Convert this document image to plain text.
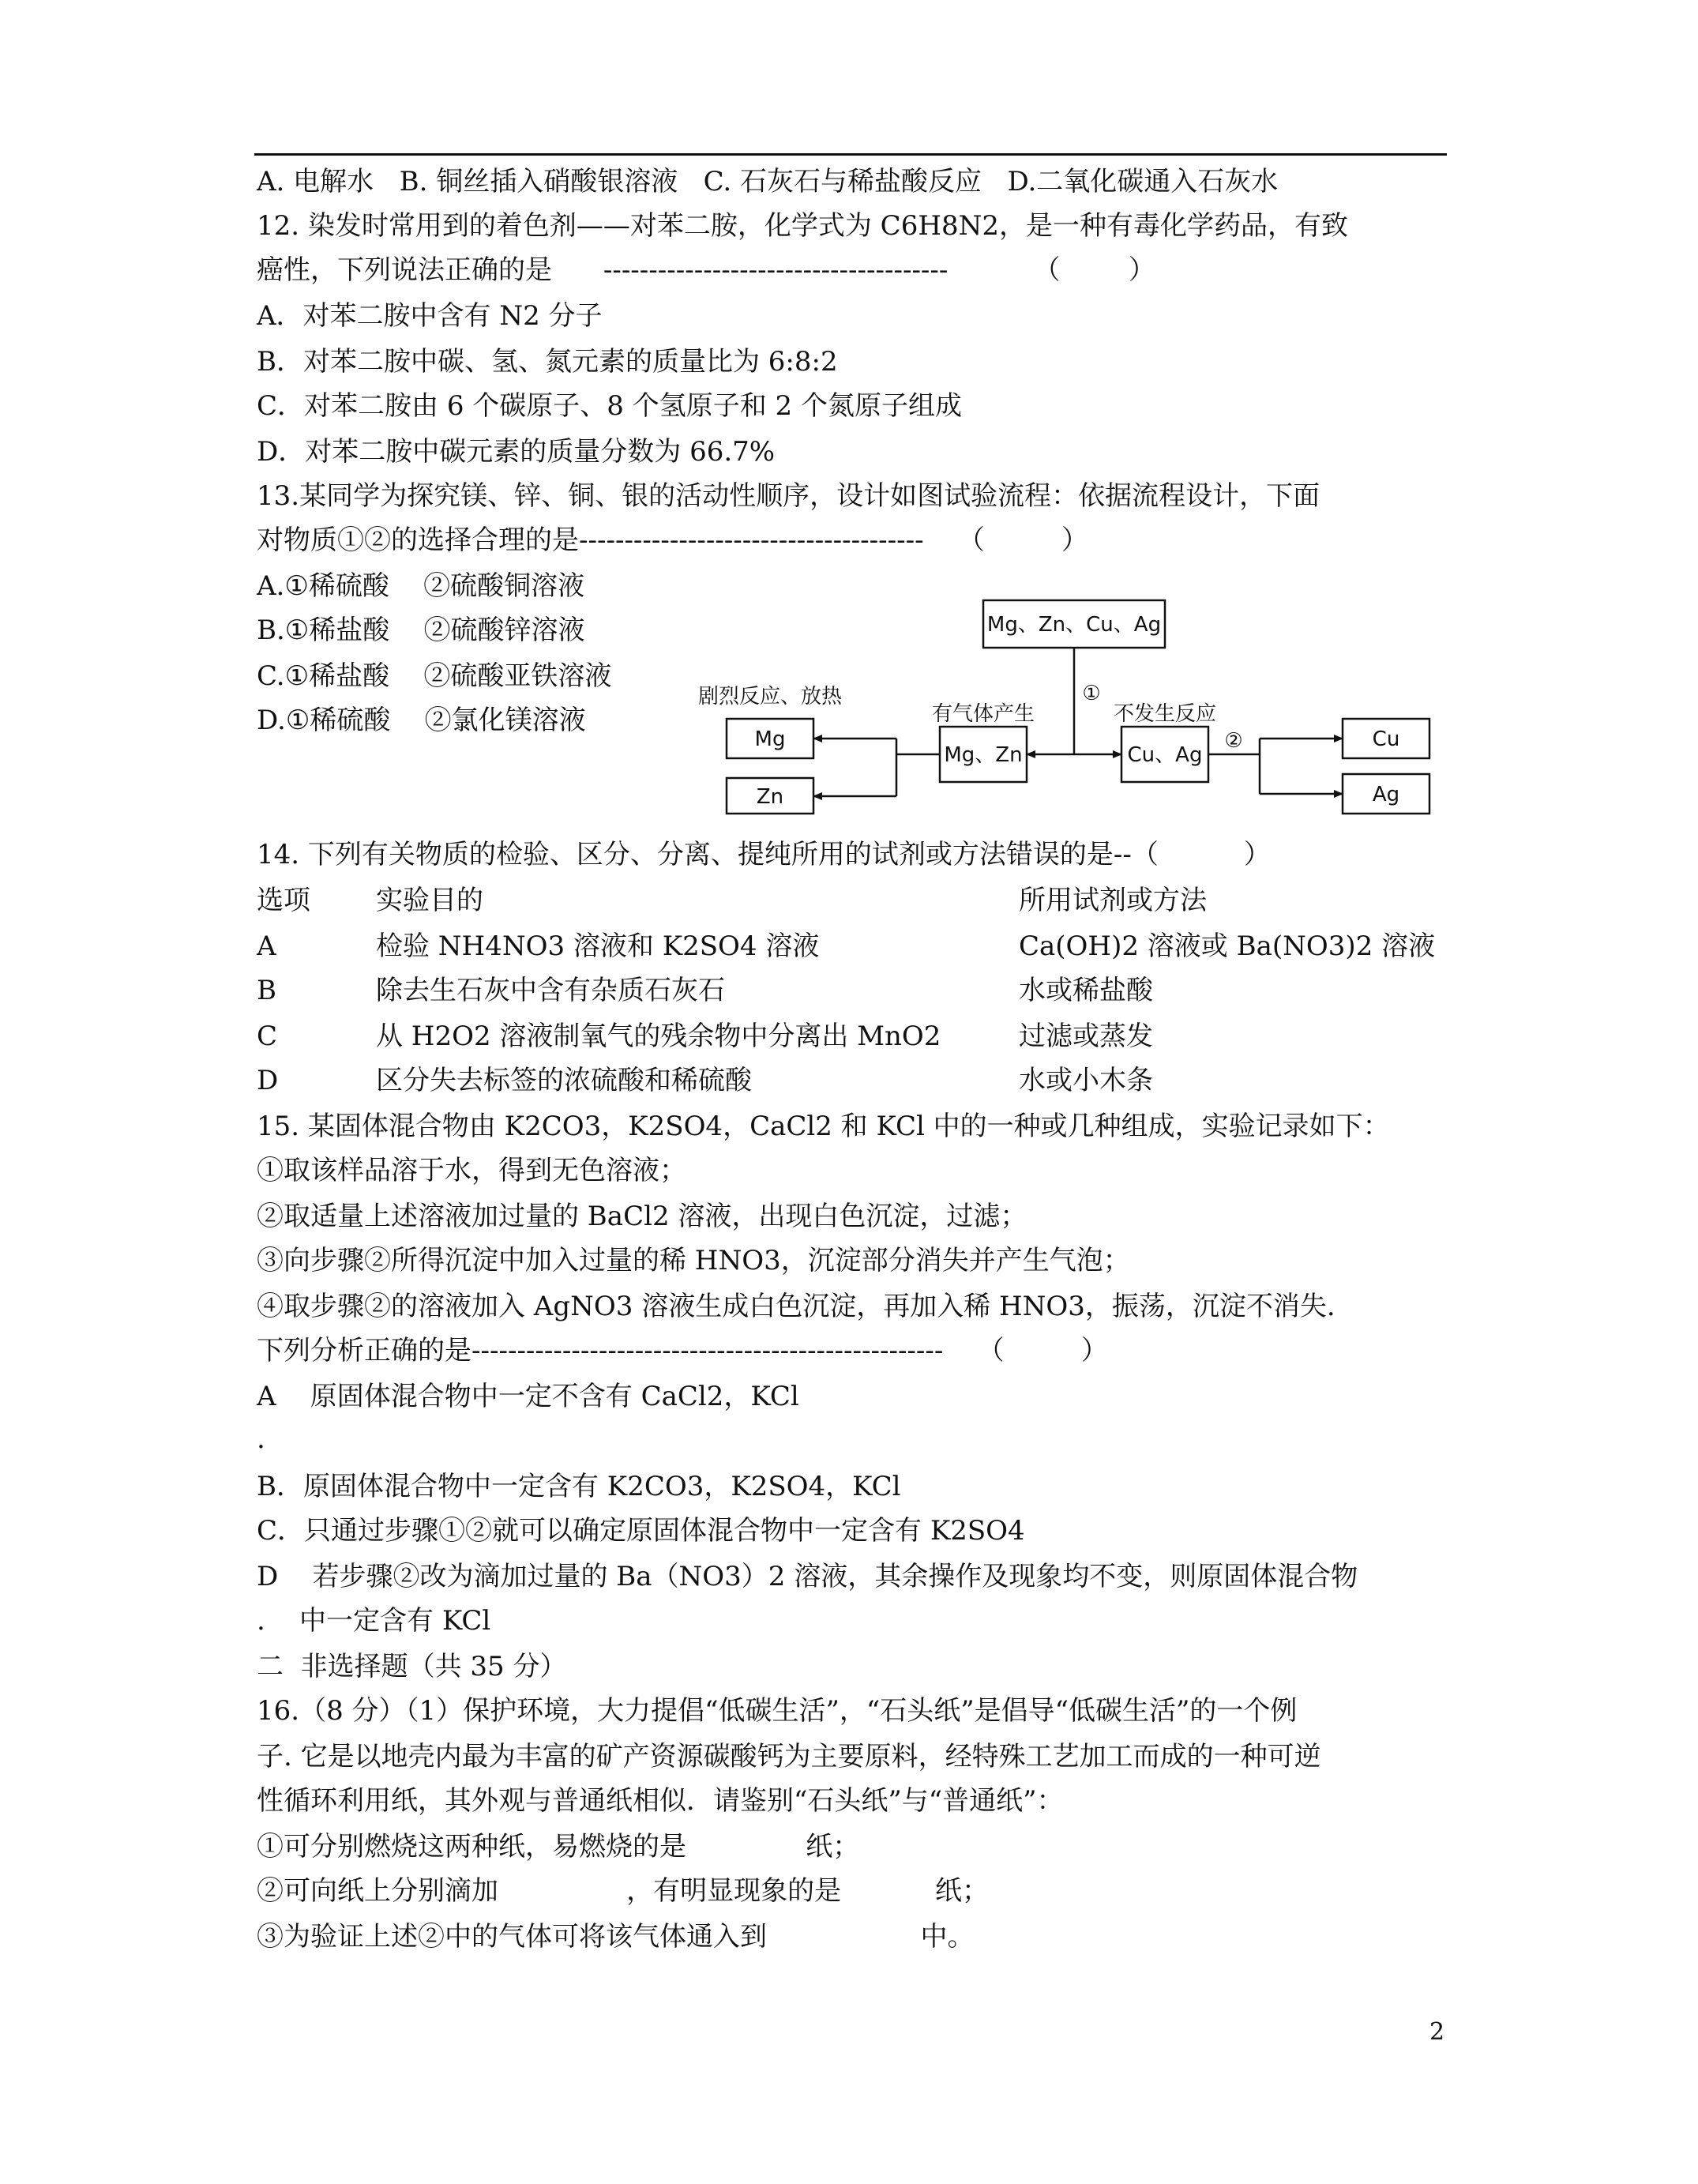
A. 电解水   B. 铜丝插入硝酸银溶液   C. 石灰石与稀盐酸反应   D.二氧化碳通入石灰水
12. 染发时常用到的着色剂——对苯二胺，化学式为 C6H8N2，是一种有毒化学药品，有致
癌性，下列说法正确的是      --------------------------------------          （        ）
A．对苯二胺中含有 N2 分子
B．对苯二胺中碳、氢、氮元素的质量比为 6:8:2
C．对苯二胺由 6 个碳原子、8 个氢原子和 2 个氮原子组成
D．对苯二胺中碳元素的质量分数为 66.7%
13.某同学为探究镁、锌、铜、银的活动性顺序，设计如图试验流程：依据流程设计，下面
对物质①②的选择合理的是--------------------------------------    （         ）
A.①稀硫酸    ②硫酸铜溶液
B.①稀盐酸    ②硫酸锌溶液
C.①稀盐酸    ②硫酸亚铁溶液
D.①稀硫酸    ②氯化镁溶液
Mg、Zn、Cu、Ag
Mg、Zn	Cu、Ag
Mg
Zn
Cu
Ag
有气体产生	不发生反应
剧烈反应、放热	①
②
14. 下列有关物质的检验、区分、分离、提纯所用的试剂或方法错误的是--（          ）
选项 实验目的	所用试剂或方法
A	检验 NH4NO3 溶液和 K2SO4 溶液	Ca(OH)2 溶液或 Ba(NO3)2 溶液
B	除去生石灰中含有杂质石灰石	水或稀盐酸
C	从 H2O2 溶液制氧气的残余物中分离出 MnO2	过滤或蒸发
D	区分失去标签的浓硫酸和稀硫酸	水或小木条
15. 某固体混合物由 K2CO3，K2SO4，CaCl2 和 KCl 中的一种或几种组成，实验记录如下：
①取该样品溶于水，得到无色溶液；
②取适量上述溶液加过量的 BaCl2 溶液，出现白色沉淀，过滤；
③向步骤②所得沉淀中加入过量的稀 HNO3，沉淀部分消失并产生气泡；
④取步骤②的溶液加入 AgNO3 溶液生成白色沉淀，再加入稀 HNO3，振荡，沉淀不消失.
下列分析正确的是----------------------------------------------------    （         ）
A    原固体混合物中一定不含有 CaCl2，KCl
.
B．原固体混合物中一定含有 K2CO3，K2SO4，KCl
C．只通过步骤①②就可以确定原固体混合物中一定含有 K2SO4
D    若步骤②改为滴加过量的 Ba（NO3）2 溶液，其余操作及现象均不变，则原固体混合物
.    中一定含有 KCl
二  非选择题（共 35 分）
16.（8 分）（1）保护环境，大力提倡“低碳生活”，“石头纸”是倡导“低碳生活”的一个例
子. 它是以地壳内最为丰富的矿产资源碳酸钙为主要原料，经特殊工艺加工而成的一种可逆
性循环利用纸，其外观与普通纸相似．请鉴别“石头纸”与“普通纸”：
①可分别燃烧这两种纸，易燃烧的是              纸；
②可向纸上分别滴加               ，有明显现象的是           纸；
③为验证上述②中的气体可将该气体通入到                  中。
2
